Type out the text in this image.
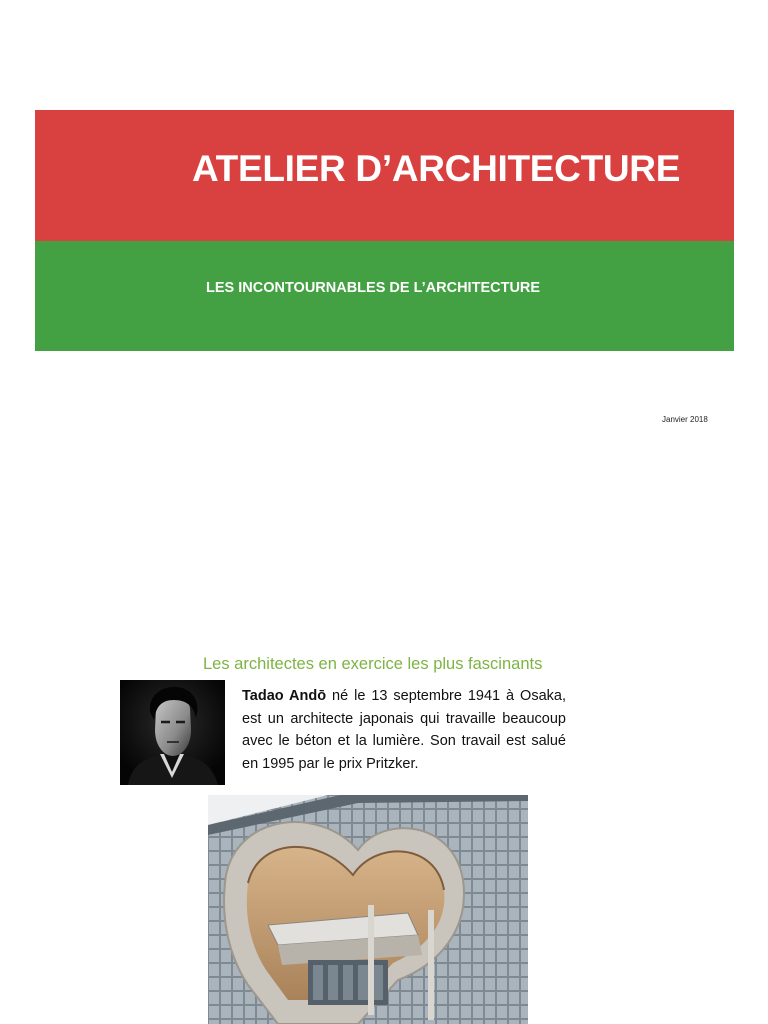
ATELIER D’ARCHITECTURE
LES INCONTOURNABLES DE L’ARCHITECTURE
Janvier 2018
Les architectes en exercice les plus fascinants
Tadao Andō né le 13 septembre 1941 à Osaka, est un architecte japonais qui travaille beaucoup avec le béton et la lumière. Son travail est salué en 1995 par le prix Pritzker.
